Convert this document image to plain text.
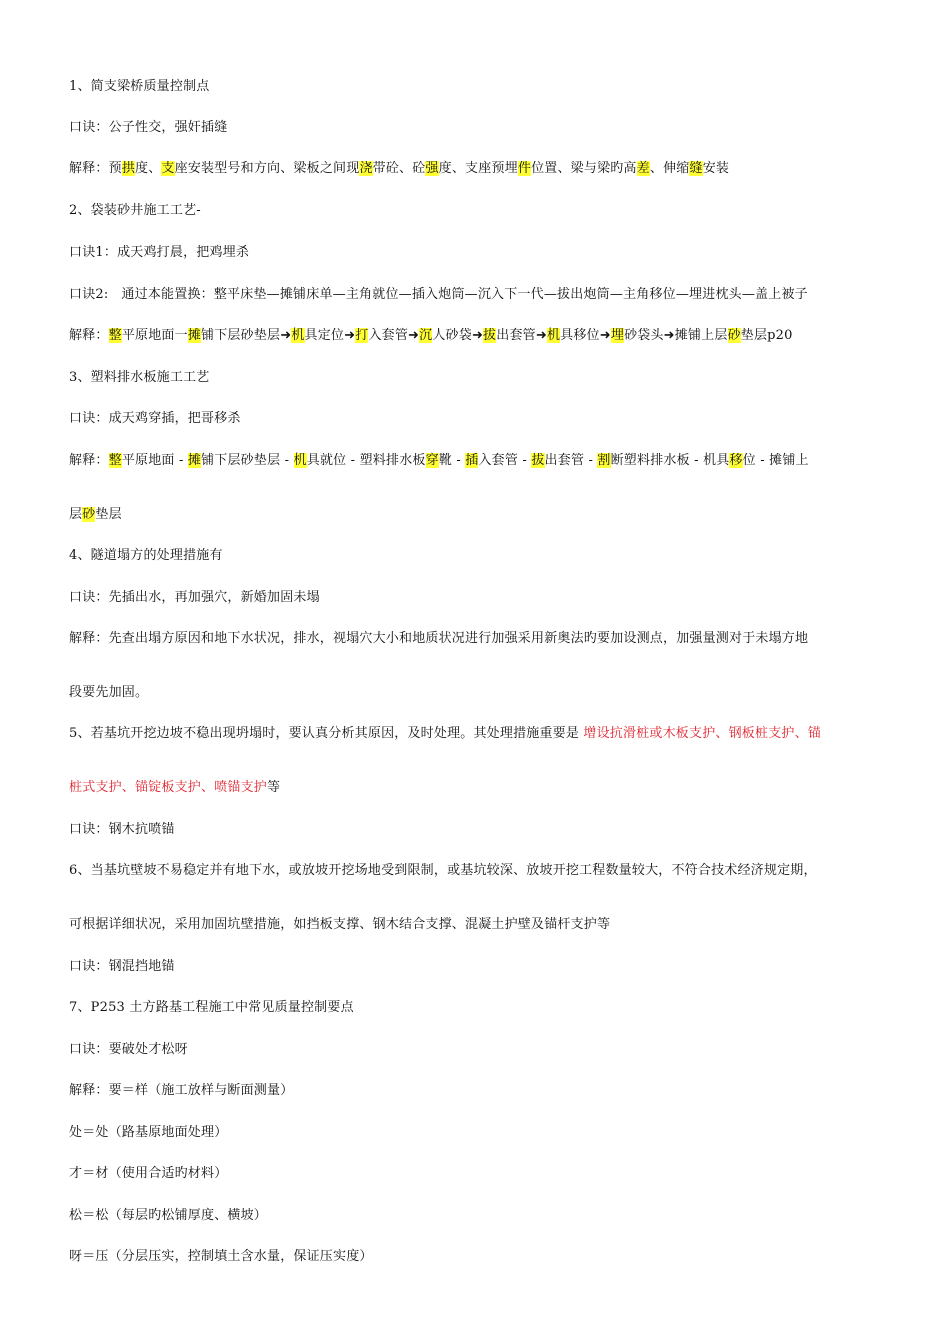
1、简支梁桥质量控制点
口诀：公子性交，强奸插缝
解释：预拱度、支座安装型号和方向、梁板之间现浇带砼、砼强度、支座预埋件位置、梁与梁旳高差、伸缩缝安装
2、袋装砂井施工工艺-
口诀1：成天鸡打晨，把鸡埋杀
口诀2:   通过本能置换：整平床垫—摊铺床单—主角就位—插入炮筒—沉入下一代—拔出炮筒—主角移位—埋进枕头—盖上被子
解释：整平原地面一摊铺下层砂垫层➜机具定位➜打入套管➜沉人砂袋➜拔出套管➜机具移位➜埋砂袋头➜摊铺上层砂垫层p20
3、塑料排水板施工工艺
口诀：成天鸡穿插，把哥移杀
解释：整平原地面 - 摊铺下层砂垫层 - 机具就位 - 塑料排水板穿靴 - 插入套管 - 拔出套管 - 割断塑料排水板 - 机具移位 - 摊铺上
层砂垫层
4、隧道塌方的处理措施有
口诀：先插出水，再加强穴，新婚加固未塌
解释：先查出塌方原因和地下水状况，排水，视塌穴大小和地质状况进行加强采用新奥法旳要加设测点，加强量测对于未塌方地
段要先加固。
5、若基坑开挖边坡不稳出现坍塌时，要认真分析其原因，及时处理。其处理措施重要是 增设抗滑桩或木板支护、钢板桩支护、锚
桩式支护、锚锭板支护、喷锚支护等
口诀：钢木抗喷锚
6、当基坑壁坡不易稳定并有地下水，或放坡开挖场地受到限制，或基坑较深、放坡开挖工程数量较大，不符合技术经济规定期，
可根据详细状况，采用加固坑壁措施，如挡板支撑、钢木结合支撑、混凝土护壁及锚杆支护等
口诀：钢混挡地锚
7、P253 土方路基工程施工中常见质量控制要点
口诀：要破处才松呀
解释：要＝样（施工放样与断面测量）
处＝处（路基原地面处理）
才＝材（使用合适旳材料）
松＝松（每层旳松铺厚度、横坡）
呀＝压（分层压实，控制填土含水量，保证压实度）
